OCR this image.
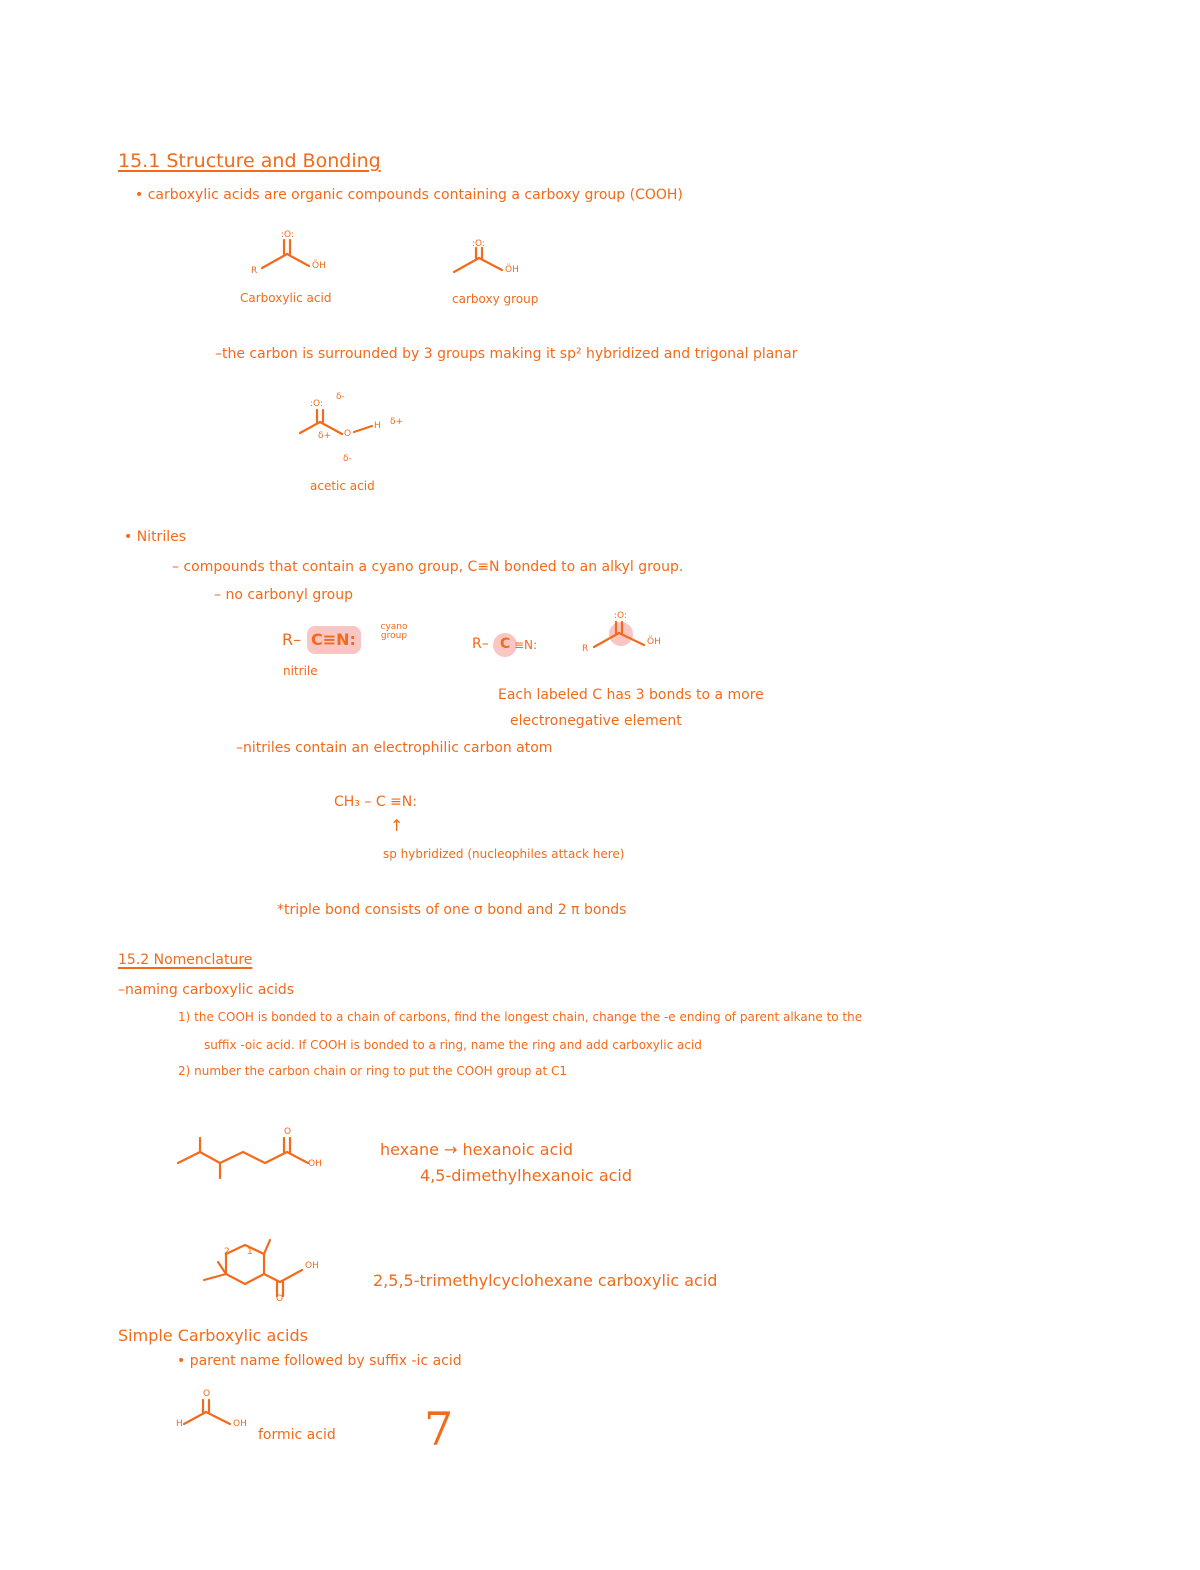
15.1 Structure and Bonding
• carboxylic acids are organic compounds containing a carboxy group (COOH)
:O:
R	ÖH
Carboxylic acid
:O:
ÖH
carboxy group
–the carbon is surrounded by 3 groups making it sp² hybridized and trigonal planar
:O:
δ-
δ+ O
H δ+
δ-
acetic acid
• Nitriles
– compounds that contain a cyano group, C≡N bonded to an alkyl group.
– no carbonyl group
R– C≡N:
cyano group
nitrile
R– C ≡N:
:O:
R
ÖH
Each labeled C has 3 bonds to a more
electronegative element
–nitriles contain an electrophilic carbon atom
CH₃ – C ≡N:
↑
sp hybridized (nucleophiles attack here)
*triple bond consists of one σ bond and 2 π bonds
15.2 Nomenclature
–naming carboxylic acids
1) the COOH is bonded to a chain of carbons, find the longest chain, change the -e ending of parent alkane to the
suffix -oic acid. If COOH is bonded to a ring, name the ring and add carboxylic acid
2) number the carbon chain or ring to put the COOH group at C1
O
OH
hexane → hexanoic acid
4,5-dimethylhexanoic acid
OH
O
1
2
2,5,5-trimethylcyclohexane carboxylic acid
Simple Carboxylic acids
• parent name followed by suffix -ic acid
O
H	OH
formic acid 7
